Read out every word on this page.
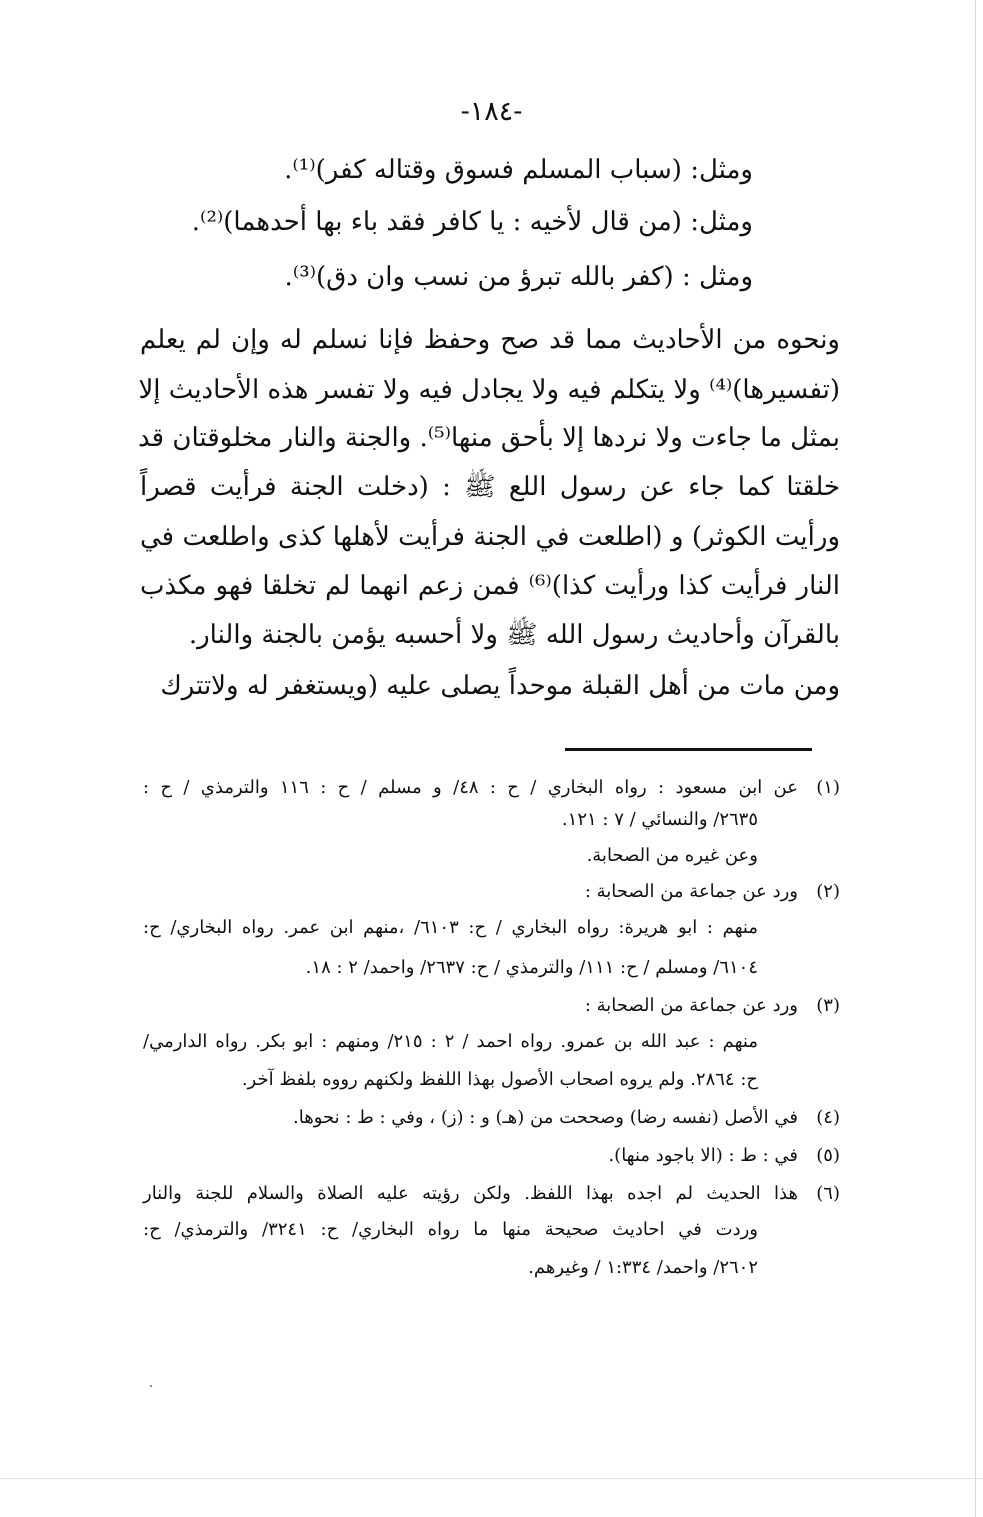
-١٨٤-
ومثل: (سباب المسلم فسوق وقتاله كفر)⁽¹⁾.
ومثل: (من قال لأخيه : يا كافر فقد باء بها أحدهما)⁽²⁾.
ومثل : (كفر بالله تبرؤ من نسب وان دق)⁽³⁾.
ونحوه من الأحاديث مما قد صح وحفظ فإنا نسلم له وإن لم يعلم
(تفسيرها)⁽⁴⁾ ولا يتكلم فيه ولا يجادل فيه ولا تفسر هذه الأحاديث إلا
بمثل ما جاءت ولا نردها إلا بأحق منها⁽⁵⁾. والجنة والنار مخلوقتان قد
خلقتا كما جاء عن رسول اللع ﷺ : (دخلت الجنة فرأيت قصراً
ورأيت الكوثر) و (اطلعت في الجنة فرأيت لأهلها كذى واطلعت في
النار فرأيت كذا ورأيت كذا)⁽⁶⁾ فمن زعم انهما لم تخلقا فهو مكذب
بالقرآن وأحاديث رسول الله ﷺ ولا أحسبه يؤمن بالجنة والنار.
ومن مات من أهل القبلة موحداً يصلى عليه (ويستغفر له ولاتترك
(١)
عن ابن مسعود : رواه البخاري / ح : ٤٨/ و مسلم / ح : ١١٦ والترمذي / ح :
٢٦٣٥/ والنسائي / ٧ : ١٢١.
وعن غيره من الصحابة.
(٢)
ورد عن جماعة من الصحابة :
منهم : ابو هريرة: رواه البخاري / ح: ٦١٠٣/ ،منهم ابن عمر. رواه البخاري/ ح:
٦١٠٤/ ومسلم / ح: ١١١/ والترمذي / ح: ٢٦٣٧/ واحمد/ ٢ : ١٨.
(٣)
ورد عن جماعة من الصحابة :
منهم : عبد الله بن عمرو. رواه احمد / ٢ : ٢١٥/ ومنهم : ابو بكر. رواه الدارمي/
ح: ٢٨٦٤. ولم يروه اصحاب الأصول بهذا اللفظ ولكنهم رووه بلفظ آخر.
(٤)
في الأصل (نفسه رضا) وصححت من (هـ) و : (ز) ، وفي : ط : نحوها.
(٥)
في : ط : (الا باجود منها).
(٦)
هذا الحديث لم اجده بهذا اللفظ. ولكن رؤيته عليه الصلاة والسلام للجنة والنار
وردت في احاديث صحيحة منها ما رواه البخاري/ ح: ٣٢٤١/ والترمذي/ ح:
٢٦٠٢/ واحمد/ ١:٣٣٤ / وغيرهم.
